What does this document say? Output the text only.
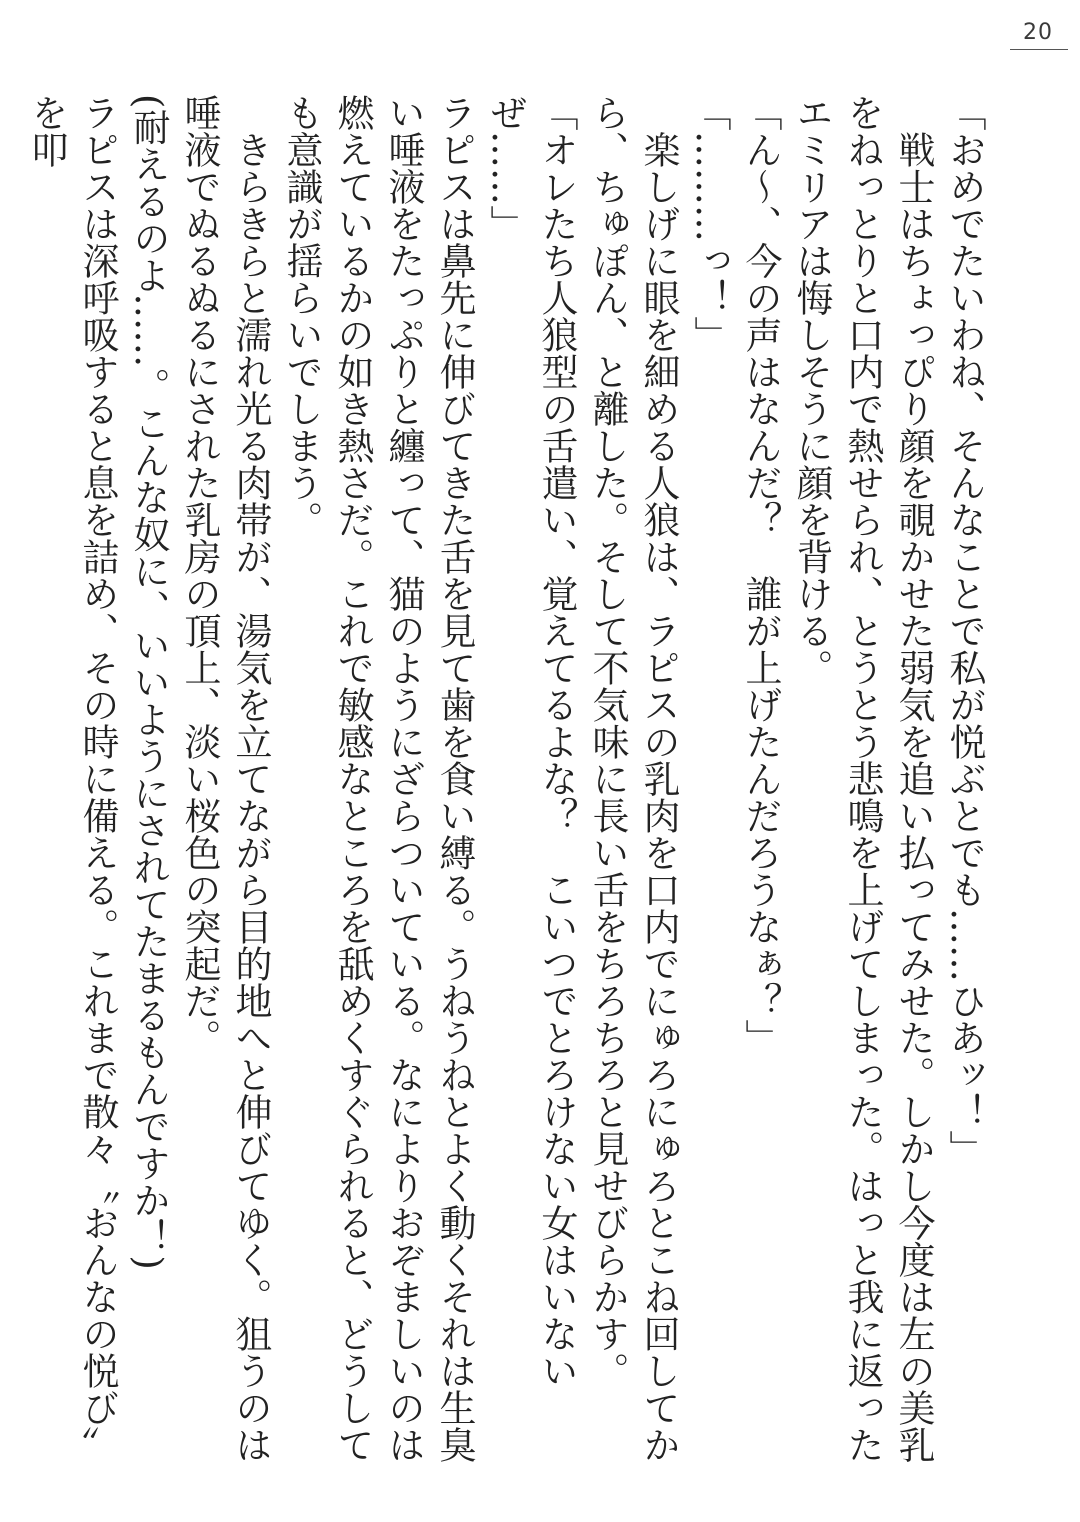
20

「おめでたいわね、そんなことで私が悦ぶとでも……ひあッ！」

戦士はちょっぴり顔を覗かせた弱気を追い払ってみせた。しかし今度は左の美乳をねっとりと口内で熱せられ、とうとう悲鳴を上げてしまった。はっと我に返ったエミリアは悔しそうに顔を背ける。

「ん～、今の声はなんだ？　誰が上げたんだろうなぁ？」

「………っ！」

楽しげに眼を細める人狼は、ラピスの乳肉を口内でにゅろにゅろとこね回してから、ちゅぽん、と離した。そして不気味に長い舌をちろちろと見せびらかす。

「オレたち人狼型の舌遣い、覚えてるよな？　こいつでとろけない女はいないぜ……」

ラピスは鼻先に伸びてきた舌を見て歯を食い縛る。うねうねとよく動くそれは生臭い唾液をたっぷりと纏って、猫のようにざらついている。なによりおぞましいのは燃えているかの如き熱さだ。これで敏感なところを舐めくすぐられると、どうしても意識が揺らいでしまう。

きらきらと濡れ光る肉帯が、湯気を立てながら目的地へと伸びてゆく。狙うのは唾液でぬるぬるにされた乳房の頂上、淡い桜色の突起だ。

(耐えるのよ……。こんな奴に、いいようにされてたまるもんですか！)

ラピスは深呼吸すると息を詰め、その時に備える。これまで散々〝おんなの悦び〟を叩
